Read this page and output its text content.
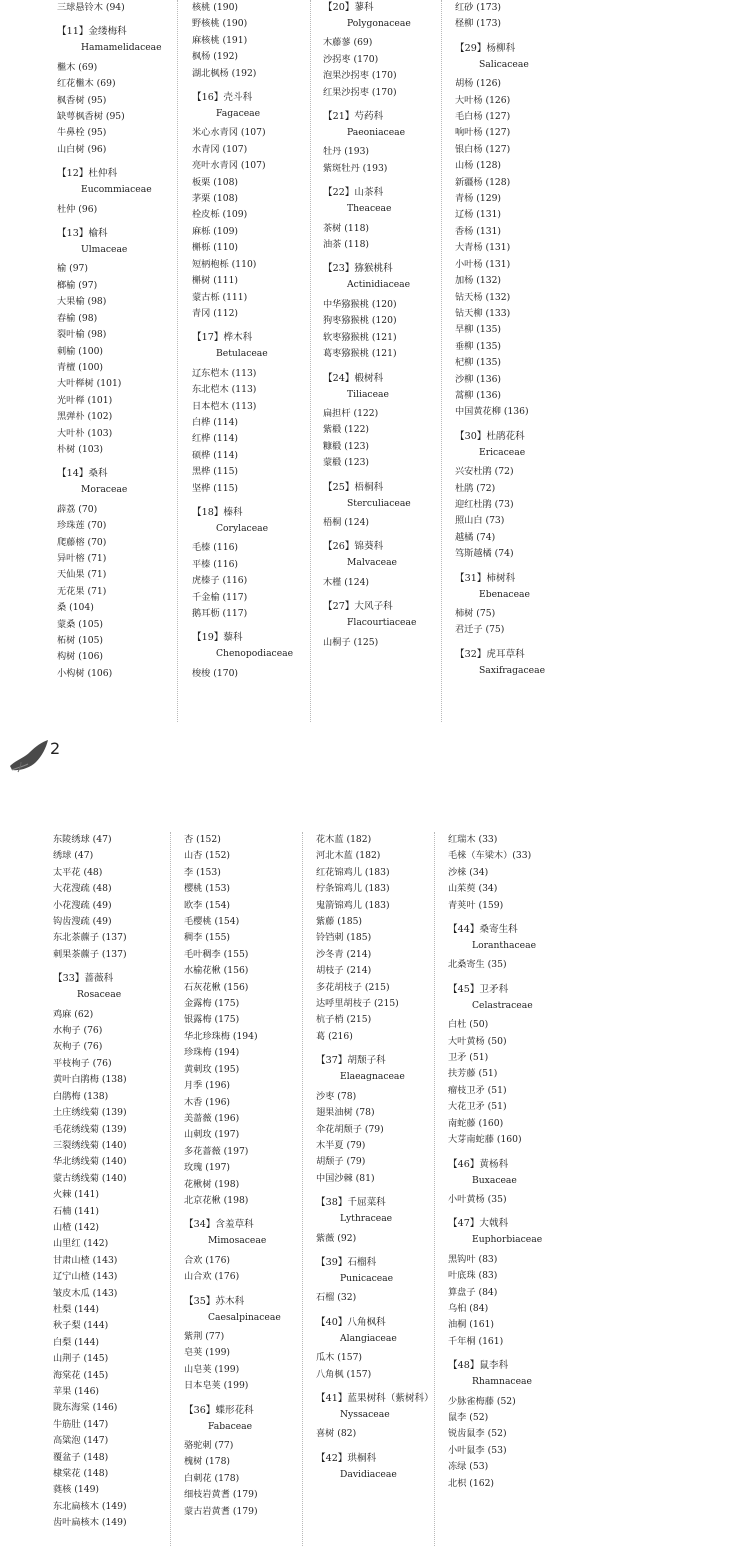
三球悬铃木 (94)
【11】金缕梅科
Hamamelidaceae
檵木 (69)
红花檵木 (69)
枫香树 (95)
缺萼枫香树 (95)
牛鼻栓 (95)
山白树 (96)
【12】杜仲科
Eucommiaceae
杜仲 (96)
【13】榆科
Ulmaceae
榆 (97)
榔榆 (97)
大果榆 (98)
春榆 (98)
裂叶榆 (98)
刺榆 (100)
青檀 (100)
大叶榉树 (101)
光叶榉 (101)
黑弹朴 (102)
大叶朴 (103)
朴树 (103)
【14】桑科
Moraceae
薜荔 (70)
珍珠莲 (70)
爬藤榕 (70)
异叶榕 (71)
天仙果 (71)
无花果 (71)
桑 (104)
蒙桑 (105)
柘树 (105)
构树 (106)
小构树 (106)
核桃 (190)
野核桃 (190)
麻核桃 (191)
枫杨 (192)
湖北枫杨 (192)
【16】壳斗科
Fagaceae
米心水青冈 (107)
水青冈 (107)
亮叶水青冈 (107)
板栗 (108)
茅栗 (108)
栓皮栎 (109)
麻栎 (109)
槲栎 (110)
短柄枹栎 (110)
槲树 (111)
蒙古栎 (111)
青冈 (112)
【17】桦木科
Betulaceae
辽东桤木 (113)
东北桤木 (113)
日本桤木 (113)
白桦 (114)
红桦 (114)
硕桦 (114)
黑桦 (115)
坚桦 (115)
【18】榛科
Corylaceae
毛榛 (116)
平榛 (116)
虎榛子 (116)
千金榆 (117)
鹅耳枥 (117)
【19】藜科
Chenopodiaceae
梭梭 (170)
【20】蓼科
Polygonaceae
木藤蓼 (69)
沙拐枣 (170)
泡果沙拐枣 (170)
红果沙拐枣 (170)
【21】芍药科
Paeoniaceae
牡丹 (193)
紫斑牡丹 (193)
【22】山茶科
Theaceae
茶树 (118)
油茶 (118)
【23】猕猴桃科
Actinidiaceae
中华猕猴桃 (120)
狗枣猕猴桃 (120)
软枣猕猴桃 (121)
葛枣猕猴桃 (121)
【24】椴树科
Tiliaceae
扁担杆 (122)
紫椴 (122)
糠椴 (123)
蒙椴 (123)
【25】梧桐科
Sterculiaceae
梧桐 (124)
【26】锦葵科
Malvaceae
木槿 (124)
【27】大风子科
Flacourtiaceae
山桐子 (125)
红砂 (173)
柽柳 (173)
【29】杨柳科
Salicaceae
胡杨 (126)
大叶杨 (126)
毛白杨 (127)
响叶杨 (127)
银白杨 (127)
山杨 (128)
新疆杨 (128)
青杨 (129)
辽杨 (131)
香杨 (131)
大青杨 (131)
小叶杨 (131)
加杨 (132)
钻天杨 (132)
钻天柳 (133)
旱柳 (135)
垂柳 (135)
杞柳 (135)
沙柳 (136)
蒿柳 (136)
中国黄花柳 (136)
【30】杜鹃花科
Ericaceae
兴安杜鹃 (72)
杜鹃 (72)
迎红杜鹃 (73)
照山白 (73)
越橘 (74)
笃斯越橘 (74)
【31】柿树科
Ebenaceae
柿树 (75)
君迁子 (75)
【32】虎耳草科
Saxifragaceae
2
东陵绣球 (47)
绣球 (47)
太平花 (48)
大花溲疏 (48)
小花溲疏 (49)
钩齿溲疏 (49)
东北茶藨子 (137)
刺果茶藨子 (137)
【33】蔷薇科
Rosaceae
鸡麻 (62)
水栒子 (76)
灰栒子 (76)
平枝栒子 (76)
黄叶白鹃梅 (138)
白鹃梅 (138)
土庄绣线菊 (139)
毛花绣线菊 (139)
三裂绣线菊 (140)
华北绣线菊 (140)
蒙古绣线菊 (140)
火棘 (141)
石楠 (141)
山楂 (142)
山里红 (142)
甘肃山楂 (143)
辽宁山楂 (143)
皱皮木瓜 (143)
杜梨 (144)
秋子梨 (144)
白梨 (144)
山荆子 (145)
海棠花 (145)
苹果 (146)
陇东海棠 (146)
牛筋肚 (147)
高粱泡 (147)
覆盆子 (148)
棣棠花 (148)
蕤核 (149)
东北扁核木 (149)
齿叶扁核木 (149)
杏 (152)
山杏 (152)
李 (153)
樱桃 (153)
欧李 (154)
毛樱桃 (154)
稠李 (155)
毛叶稠李 (155)
水榆花楸 (156)
石灰花楸 (156)
金露梅 (175)
银露梅 (175)
华北珍珠梅 (194)
珍珠梅 (194)
黄刺玫 (195)
月季 (196)
木香 (196)
美蔷薇 (196)
山刺玫 (197)
多花蔷薇 (197)
玫瑰 (197)
花楸树 (198)
北京花楸 (198)
【34】含羞草科
Mimosaceae
合欢 (176)
山合欢 (176)
【35】苏木科
Caesalpinaceae
紫荆 (77)
皂荚 (199)
山皂荚 (199)
日本皂荚 (199)
【36】蝶形花科
Fabaceae
骆驼刺 (77)
槐树 (178)
白刺花 (178)
细枝岩黄耆 (179)
蒙古岩黄耆 (179)
花木蓝 (182)
河北木蓝 (182)
红花锦鸡儿 (183)
柠条锦鸡儿 (183)
鬼箭锦鸡儿 (183)
紫藤 (185)
铃铛刺 (185)
沙冬青 (214)
胡枝子 (214)
多花胡枝子 (215)
达呼里胡枝子 (215)
杭子梢 (215)
葛 (216)
【37】胡颓子科
Elaeagnaceae
沙枣 (78)
翅果油树 (78)
伞花胡颓子 (79)
木半夏 (79)
胡颓子 (79)
中国沙棘 (81)
【38】千屈菜科
Lythraceae
紫薇 (92)
【39】石榴科
Punicaceae
石榴 (32)
【40】八角枫科
Alangiaceae
瓜木 (157)
八角枫 (157)
【41】蓝果树科（紫树科）
Nyssaceae
喜树 (82)
【42】珙桐科
Davidiaceae
红瑞木 (33)
毛梾（车梁木）(33)
沙梾 (34)
山茱萸 (34)
青荚叶 (159)
【44】桑寄生科
Loranthaceae
北桑寄生 (35)
【45】卫矛科
Celastraceae
白杜 (50)
大叶黄杨 (50)
卫矛 (51)
扶芳藤 (51)
瘤枝卫矛 (51)
大花卫矛 (51)
南蛇藤 (160)
大芽南蛇藤 (160)
【46】黄杨科
Buxaceae
小叶黄杨 (35)
【47】大戟科
Euphorbiaceae
黑钩叶 (83)
叶底珠 (83)
算盘子 (84)
乌桕 (84)
油桐 (161)
千年桐 (161)
【48】鼠李科
Rhamnaceae
少脉雀梅藤 (52)
鼠李 (52)
锐齿鼠李 (52)
小叶鼠李 (53)
冻绿 (53)
北枳 (162)
